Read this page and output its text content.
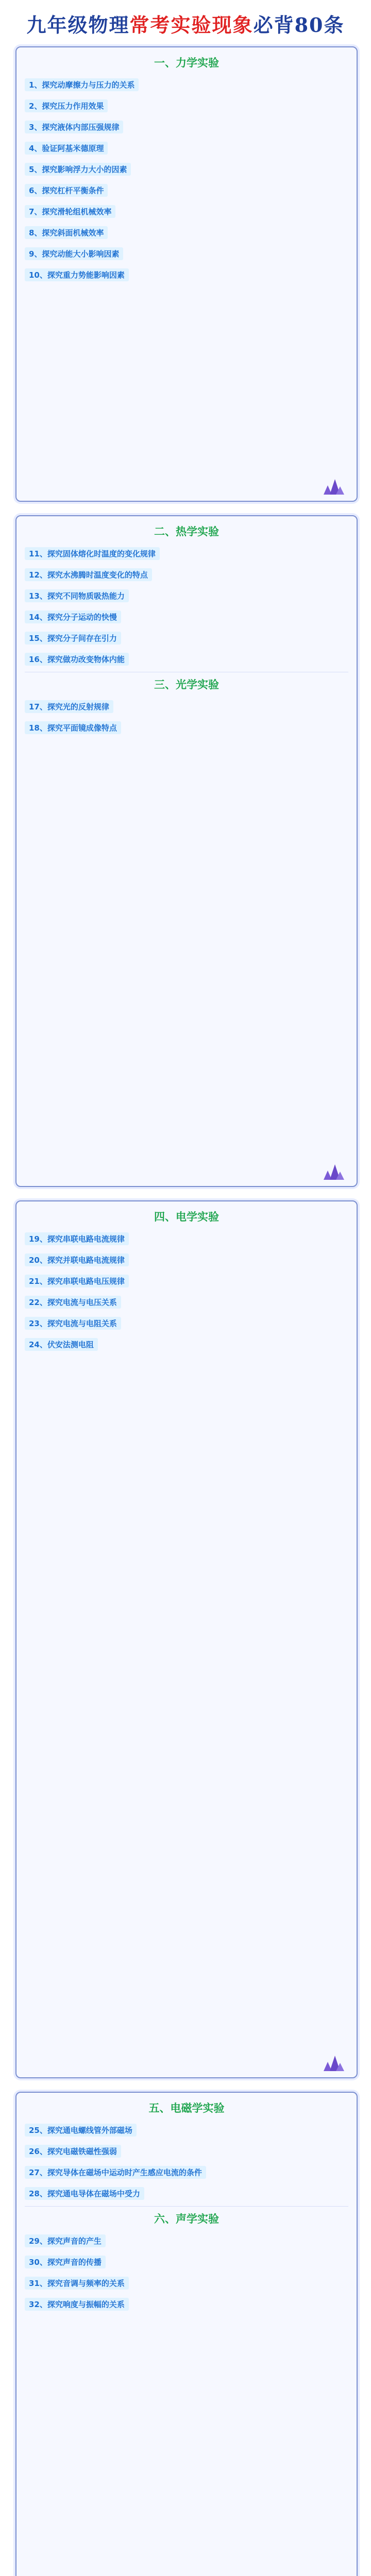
九年级物理 常考实验现象 必背80条
一、力学实验
1、探究动摩擦力与压力的关系
2、探究压力作用效果
3、探究液体内部压强规律
4、验证阿基米德原理
5、探究影响浮力大小的因素
6、探究杠杆平衡条件
7、探究滑轮组机械效率
8、探究斜面机械效率
9、探究动能大小影响因素
10、探究重力势能影响因素
二、热学实验
11、探究固体熔化时温度的变化规律
12、探究水沸腾时温度变化的特点
13、探究不同物质吸热能力
14、探究分子运动的快慢
15、探究分子间存在引力
16、探究做功改变物体内能
三、光学实验
17、探究光的反射规律
18、探究平面镜成像特点
四、电学实验
19、探究串联电路电流规律
20、探究并联电路电流规律
21、探究串联电路电压规律
22、探究电流与电压关系
23、探究电流与电阻关系
24、伏安法测电阻
五、电磁学实验
25、探究通电螺线管外部磁场
26、探究电磁铁磁性强弱
27、探究导体在磁场中运动时产生感应电流的条件
28、探究通电导体在磁场中受力
六、声学实验
29、探究声音的产生
30、探究声音的传播
31、探究音调与频率的关系
32、探究响度与振幅的关系
